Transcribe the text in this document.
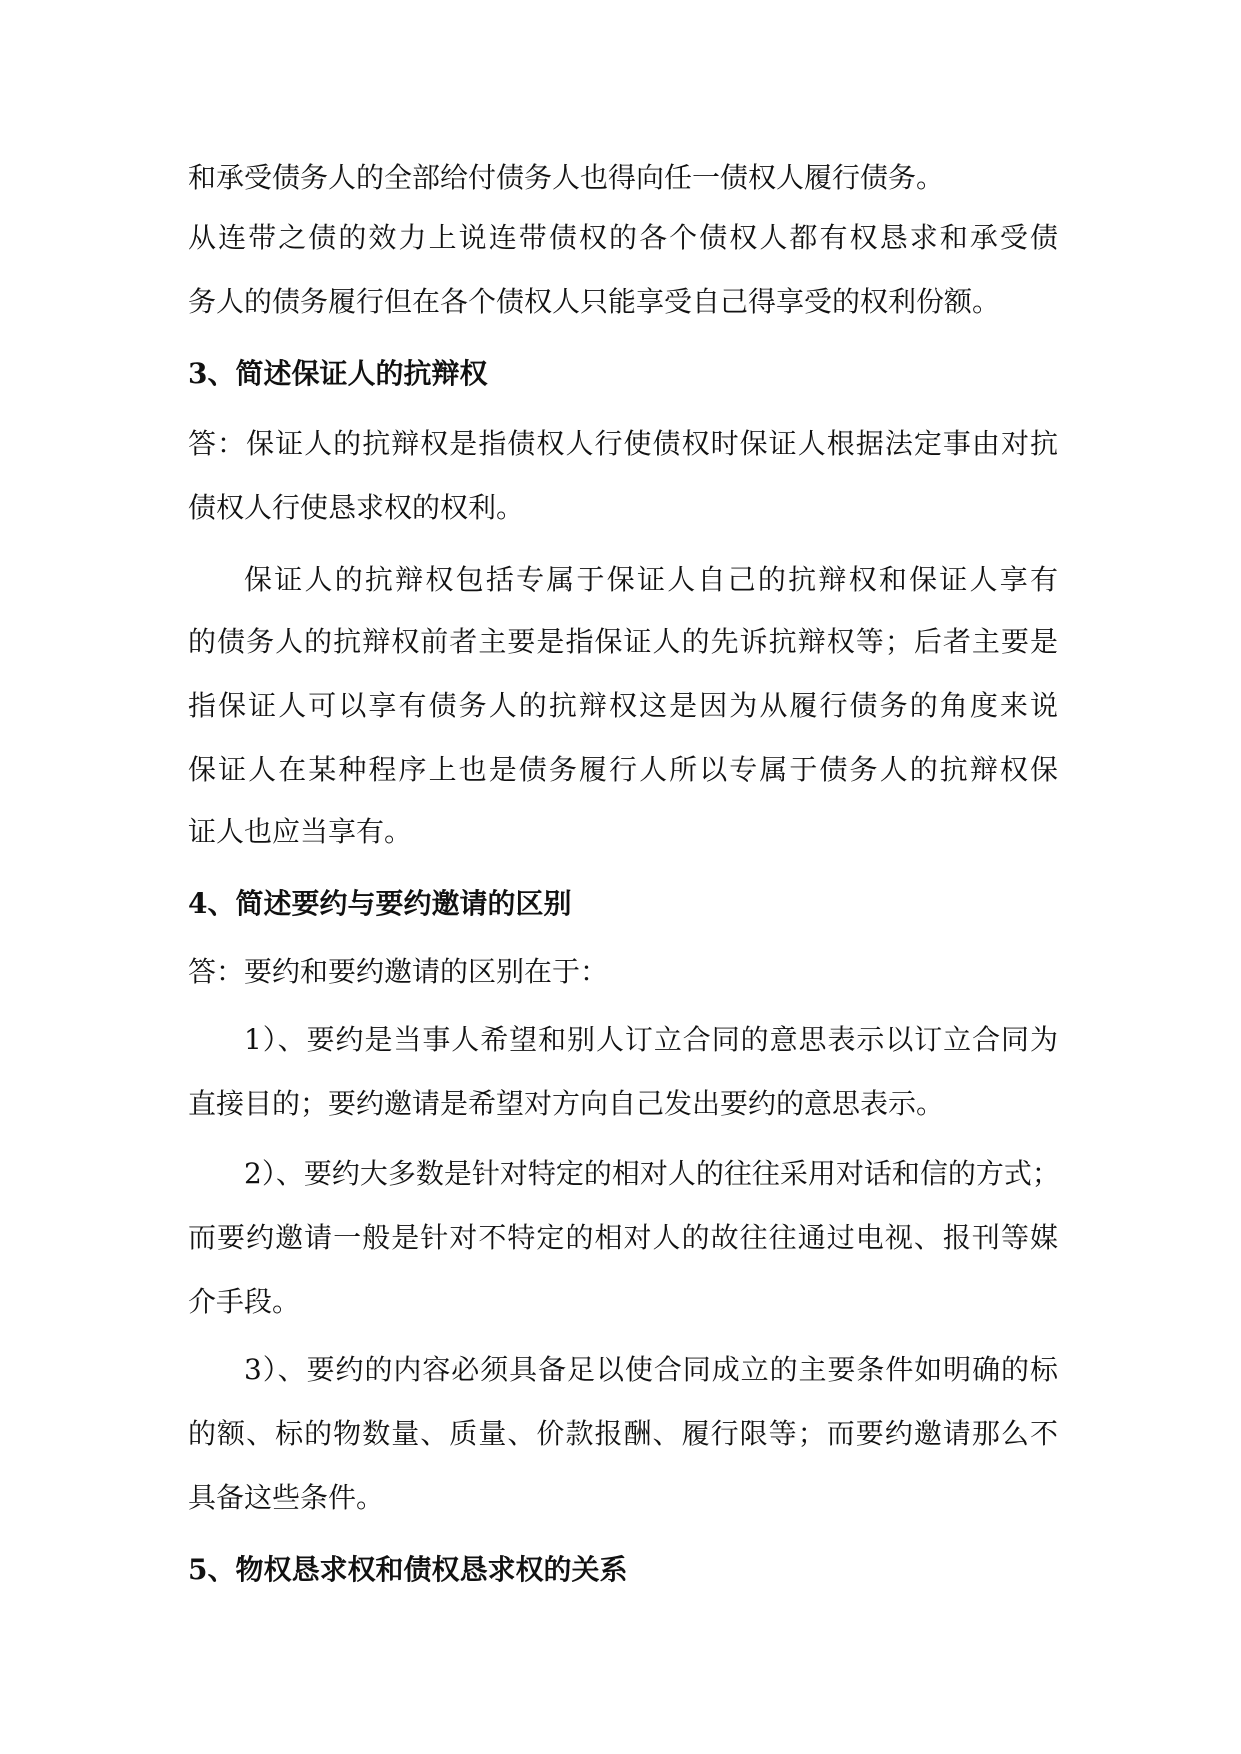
和承受债务人的全部给付债务人也得向任一债权人履行债务。
从连带之债的效力上说连带债权的各个债权人都有权恳求和承受债
务人的债务履行但在各个债权人只能享受自己得享受的权利份额。
3、简述保证人的抗辩权
答：保证人的抗辩权是指债权人行使债权时保证人根据法定事由对抗
债权人行使恳求权的权利。
保证人的抗辩权包括专属于保证人自己的抗辩权和保证人享有
的债务人的抗辩权前者主要是指保证人的先诉抗辩权等；后者主要是
指保证人可以享有债务人的抗辩权这是因为从履行债务的角度来说
保证人在某种程序上也是债务履行人所以专属于债务人的抗辩权保
证人也应当享有。
4、简述要约与要约邀请的区别
答：要约和要约邀请的区别在于：
1）、要约是当事人希望和别人订立合同的意思表示以订立合同为
直接目的；要约邀请是希望对方向自己发出要约的意思表示。
2）、要约大多数是针对特定的相对人的往往采用对话和信的方式；
而要约邀请一般是针对不特定的相对人的故往往通过电视、报刊等媒
介手段。
3）、要约的内容必须具备足以使合同成立的主要条件如明确的标
的额、标的物数量、质量、价款报酬、履行限等；而要约邀请那么不
具备这些条件。
5、物权恳求权和债权恳求权的关系
